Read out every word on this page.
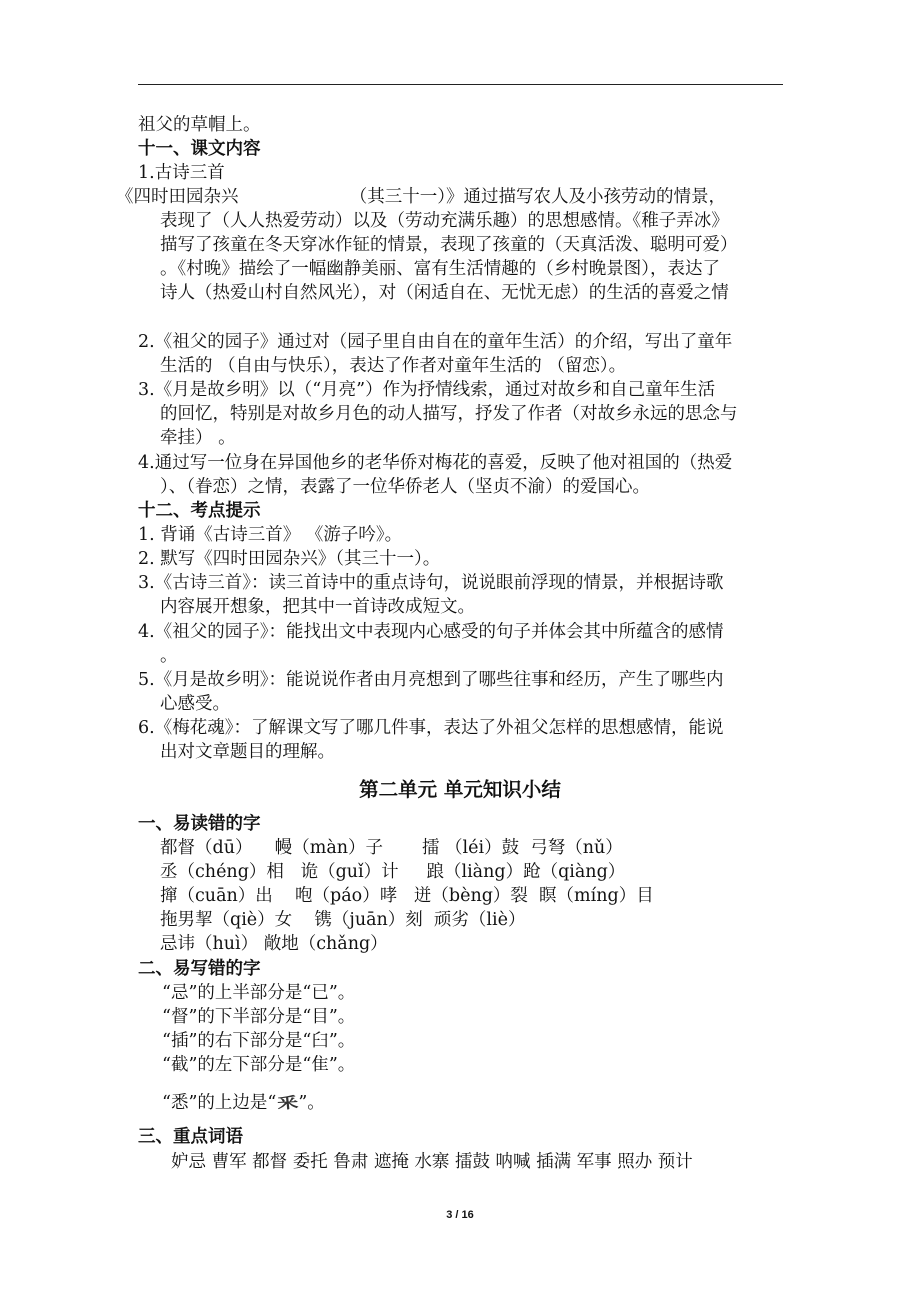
祖父的草帽上。
十一、课文内容
1.古诗三首
《四时田园杂兴                    （其三十一）》通过描写农人及小孩劳动的情景，
表现了（人人热爱劳动）以及（劳动充满乐趣）的思想感情。《稚子弄冰》
描写了孩童在冬天穿冰作钲的情景，表现了孩童的（天真活泼、聪明可爱）
。《村晚》描绘了一幅幽静美丽、富有生活情趣的（乡村晚景图），表达了
诗人（热爱山村自然风光），对（闲适自在、无忧无虑）的生活的喜爱之情
2.《祖父的园子》通过对（园子里自由自在的童年生活）的介绍，写出了童年
生活的 （自由与快乐），表达了作者对童年生活的 （留恋）。
3.《月是故乡明》以（“月亮”）作为抒情线索，通过对故乡和自己童年生活
的回忆，特别是对故乡月色的动人描写，抒发了作者（对故乡永远的思念与
牵挂） 。
4.通过写一位身在异国他乡的老华侨对梅花的喜爱，反映了他对祖国的（热爱
）、（眷恋）之情，表露了一位华侨老人（坚贞不渝）的爱国心。
十二、考点提示
1. 背诵《古诗三首》 《游子吟》。
2. 默写《四时田园杂兴》（其三十一）。
3.《古诗三首》：读三首诗中的重点诗句，说说眼前浮现的情景，并根据诗歌
内容展开想象，把其中一首诗改成短文。
4.《祖父的园子》：能找出文中表现内心感受的句子并体会其中所蕴含的感情
。
5.《月是故乡明》：能说说作者由月亮想到了哪些往事和经历，产生了哪些内
心感受。
6.《梅花魂》：了解课文写了哪几件事，表达了外祖父怎样的思想感情，能说
出对文章题目的理解。
第二单元 单元知识小结
一、易读错的字
都督（dū）    幔（màn）子       擂 （léi）鼓  弓弩（nǔ）
丞（chéng）相   诡（guǐ）计     踉（liàng）跄（qiàng）
撺（cuān）出    咆（páo）哮   迸（bèng）裂  瞑（míng）目
拖男挈（qiè）女    镌（juān）刻  顽劣（liè）
忌讳（huì） 敞地（chǎng）
二、易写错的字
“忌”的上半部分是“已”。
“督”的下半部分是“目”。
“插”的右下部分是“臼”。
“截”的左下部分是“隹”。
“悉”的上边是“釆”。
三、重点词语
妒忌 曹军 都督 委托 鲁肃 遮掩 水寨 擂鼓 呐喊 插满 军事 照办 预计
3 / 16
